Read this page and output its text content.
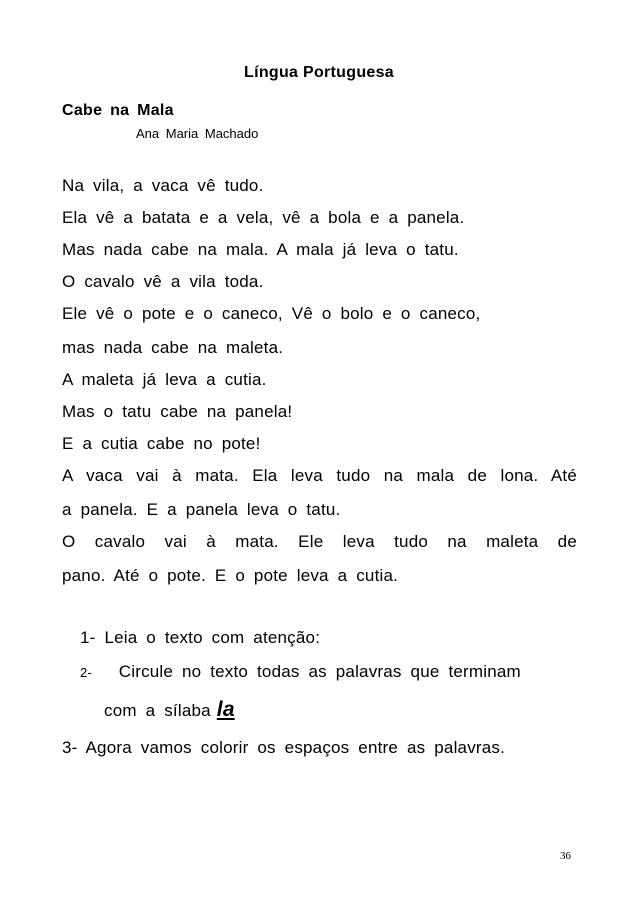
Língua Portuguesa
Cabe na Mala

Ana Maria Machado

Na vila, a vaca vê tudo.

Ela vê a batata e a vela, vê a bola e a panela.

Mas nada cabe na mala. A mala já leva o tatu.

O cavalo vê a vila toda.

Ele vê o pote e o caneco, Vê o bolo e o caneco,

mas nada cabe na maleta.

A maleta já leva a cutia.

Mas o tatu cabe na panela!

E a cutia cabe no pote!

A vaca vai à mata. Ela leva tudo na mala de lona. Até

a panela. E a panela leva o tatu.

O cavalo vai à mata. Ele leva tudo na maleta de

pano. Até o pote. E o pote leva a cutia.

1- Leia o texto com atenção:

2- Circule no texto todas as palavras que terminam

com a sílaba la

3- Agora vamos colorir os espaços entre as palavras.

36
